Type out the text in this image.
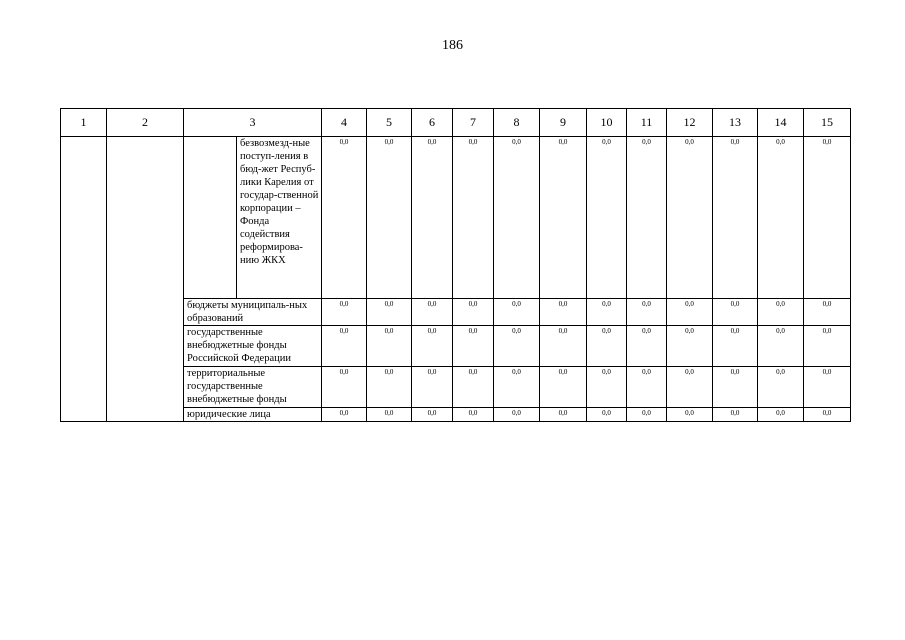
186
1	2	3		4	5	6	7	8	9	10	11	12	13	14	15
			безвозмезд-ные поступ-ления в бюд-жет Респуб-лики Карелия от государ-ственной корпорации – Фонда содействия реформирова-нию ЖКХ	0,0	0,0	0,0	0,0	0,0	0,0	0,0	0,0	0,0	0,0	0,0	0,0
		бюджеты муниципаль-ных образований		0,0	0,0	0,0	0,0	0,0	0,0	0,0	0,0	0,0	0,0	0,0	0,0
		государственные внебюджетные фонды Российской Федерации		0,0	0,0	0,0	0,0	0,0	0,0	0,0	0,0	0,0	0,0	0,0	0,0
		территориальные государственные внебюджетные фонды		0,0	0,0	0,0	0,0	0,0	0,0	0,0	0,0	0,0	0,0	0,0	0,0
		юридические лица		0,0	0,0	0,0	0,0	0,0	0,0	0,0	0,0	0,0	0,0	0,0	0,0
